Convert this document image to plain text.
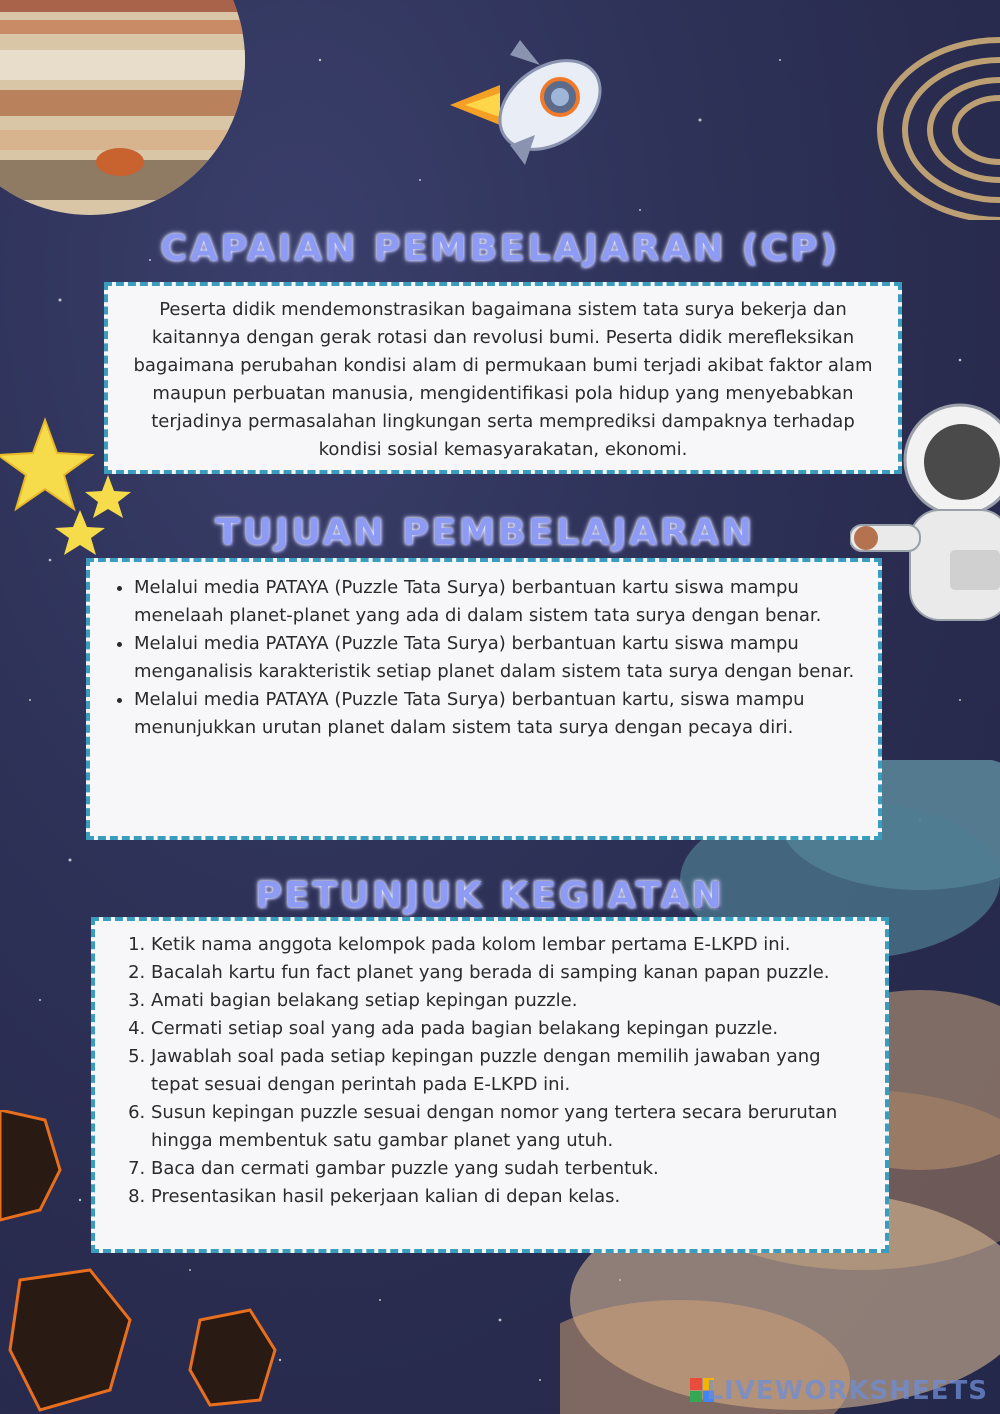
CAPAIAN PEMBELAJARAN (CP)

Peserta didik mendemonstrasikan bagaimana sistem tata surya bekerja dan kaitannya dengan gerak rotasi dan revolusi bumi. Peserta didik merefleksikan bagaimana perubahan kondisi alam di permukaan bumi terjadi akibat faktor alam maupun perbuatan manusia, mengidentifikasi pola hidup yang menyebabkan terjadinya permasalahan lingkungan serta memprediksi dampaknya terhadap kondisi sosial kemasyarakatan, ekonomi.

TUJUAN PEMBELAJARAN
• Melalui media PATAYA (Puzzle Tata Surya) berbantuan kartu siswa mampu menelaah planet-planet yang ada di dalam sistem tata surya dengan benar.
• Melalui media PATAYA (Puzzle Tata Surya) berbantuan kartu siswa mampu menganalisis karakteristik setiap planet dalam sistem tata surya dengan benar.
• Melalui media PATAYA (Puzzle Tata Surya) berbantuan kartu, siswa mampu menunjukkan urutan planet dalam sistem tata surya dengan pecaya diri.
PETUNJUK KEGIATAN
1. Ketik nama anggota kelompok pada kolom lembar pertama E-LKPD ini.
2. Bacalah kartu fun fact planet yang berada di samping kanan papan puzzle.
3. Amati bagian belakang setiap kepingan puzzle.
4. Cermati setiap soal yang ada pada bagian belakang kepingan puzzle.
5. Jawablah soal pada setiap kepingan puzzle dengan memilih jawaban yang tepat sesuai dengan perintah pada E-LKPD ini.
6. Susun kepingan puzzle sesuai dengan nomor yang tertera secara berurutan hingga membentuk satu gambar planet yang utuh.
7. Baca dan cermati gambar puzzle yang sudah terbentuk.
8. Presentasikan hasil pekerjaan kalian di depan kelas.
LIVEWORKSHEETS
